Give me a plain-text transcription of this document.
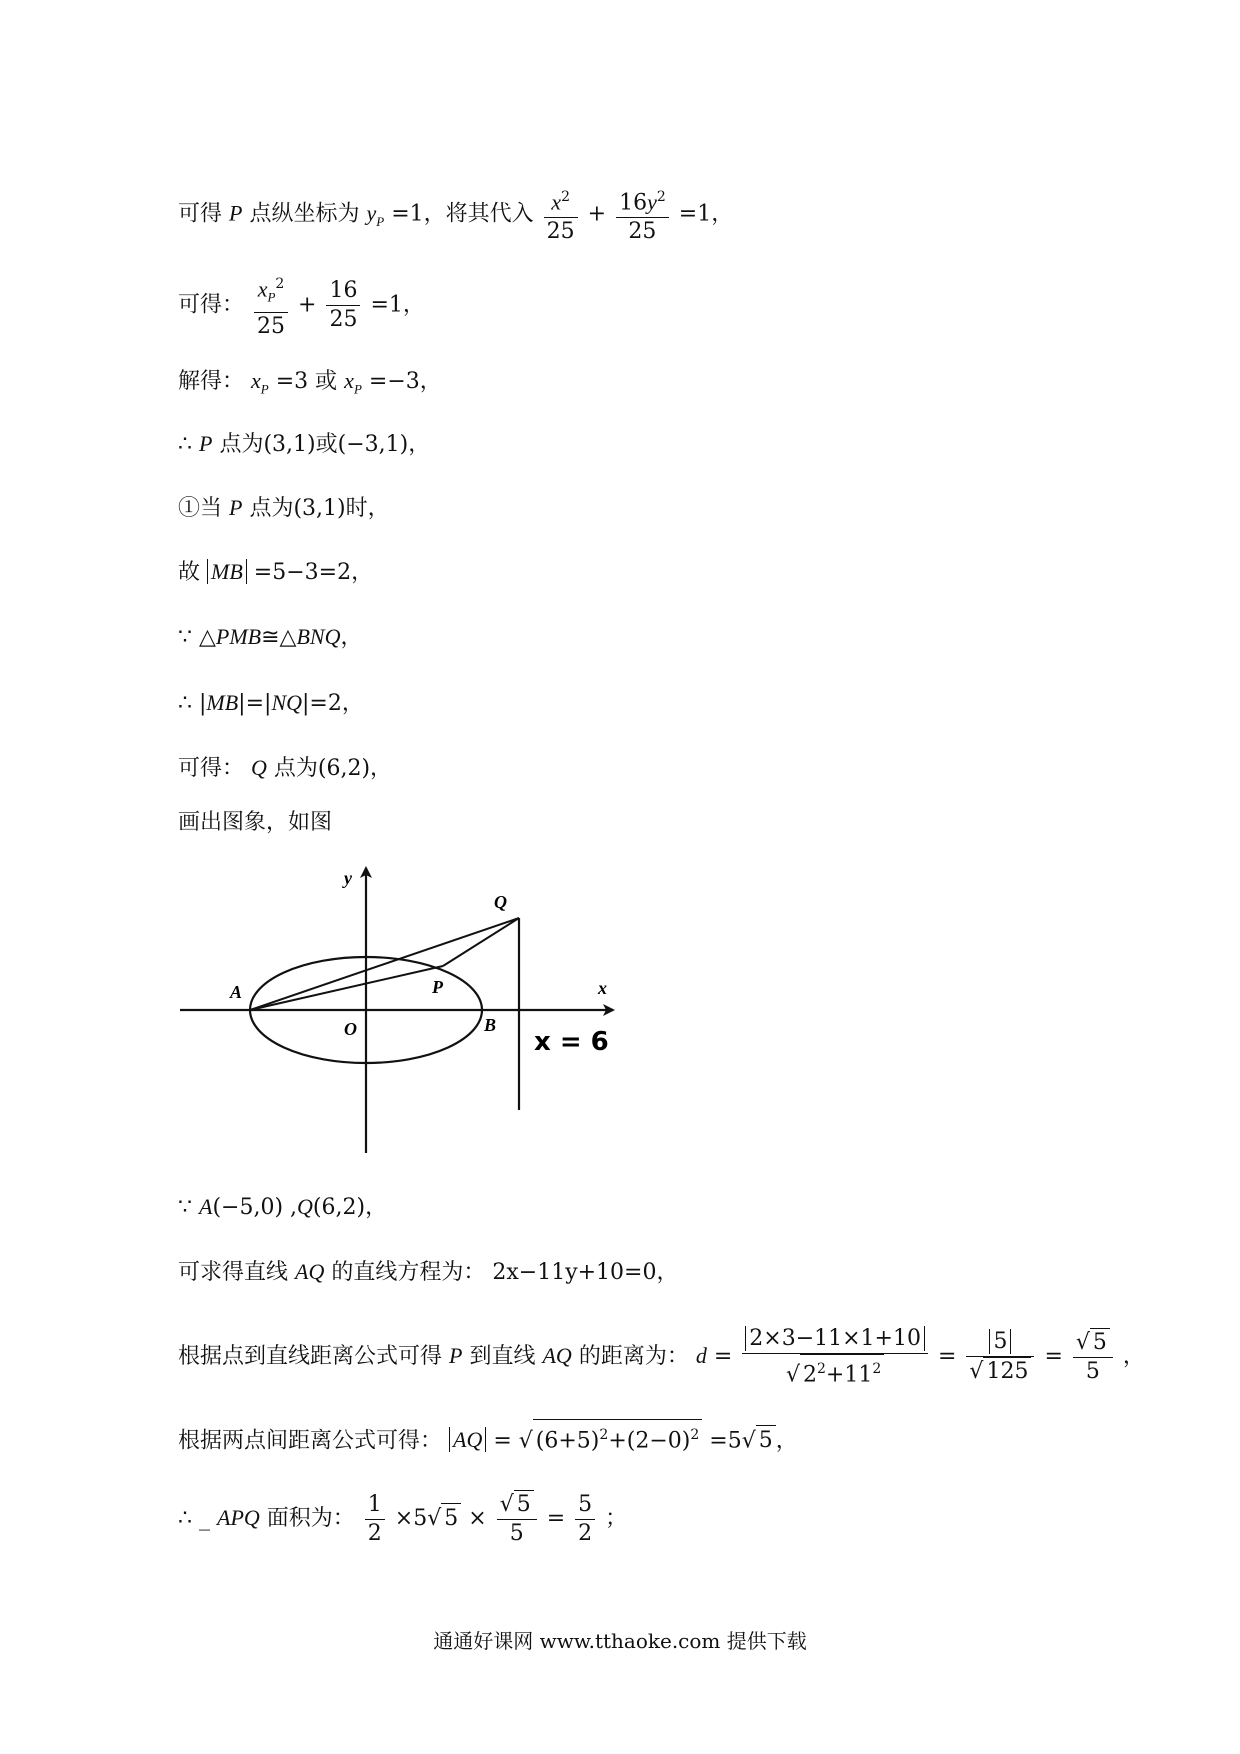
可得 P 点纵坐标为 $y_P =1$，将其代入 $\frac{x^2}{25} + \frac{16y^2}{25} =1$，
可得： $\frac{x_P^2}{25} + \frac{16}{25} =1$，
解得： $x_P =3$ 或 $x_P =-3$，
∴ P 点为(3,1)或(−3,1)，
①当 P 点为(3,1)时，
故 MB =5−3=2，
∵ △PMB≅△BNQ，
∴ |MB|=|NQ|=2，
可得： Q 点为(6,2)，
画出图象，如图
y
x
A
O	B
P
Q
x = 6
∵ A(−5,0) ,Q(6,2)，
可求得直线 AQ 的直线方程为： 2x−11y+10=0，
根据点到直线距离公式可得 P 到直线 AQ 的距离为： $d = \frac{2\times 3-11\times 1+10}{√ 2^2+11^2} = \frac{5}{√ 125} = \frac{√ 5}{5}$ ，
根据两点间距离公式可得： AQ = √ $(6+5)^2+(2-0)^2 =5√$ 5 ，
∴ _ APQ 面积为： $\frac{1}{2} \times 5√$ $5 \times \frac{√ 5}{5} = \frac{5}{2}$ ；
通通好课网 www.tthaoke.com 提供下载
